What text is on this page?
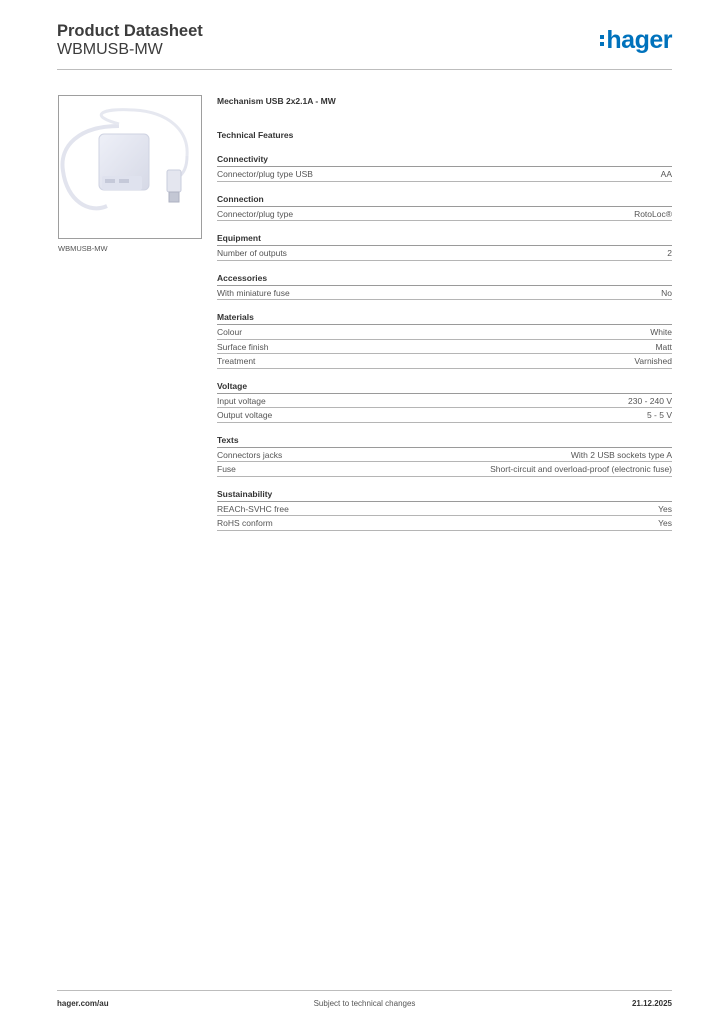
Product Datasheet
WBMUSB-MW	hager
WBMUSB-MW
Mechanism USB 2x2.1A - MW
Technical Features
Connectivity
Connector/plug type USB	AA
Connection
Connector/plug type	RotoLoc®
Equipment
Number of outputs	2
Accessories
With miniature fuse	No
Materials
Colour	White
Surface finish	Matt
Treatment	Varnished
Voltage
Input voltage	230 - 240 V
Output voltage	5 - 5 V
Texts
Connectors jacks	With 2 USB sockets type A
Fuse	Short-circuit and overload-proof (electronic fuse)
Sustainability
REACh-SVHC free	Yes
RoHS conform	Yes
hager.com/au	Subject to technical changes	21.12.2025
